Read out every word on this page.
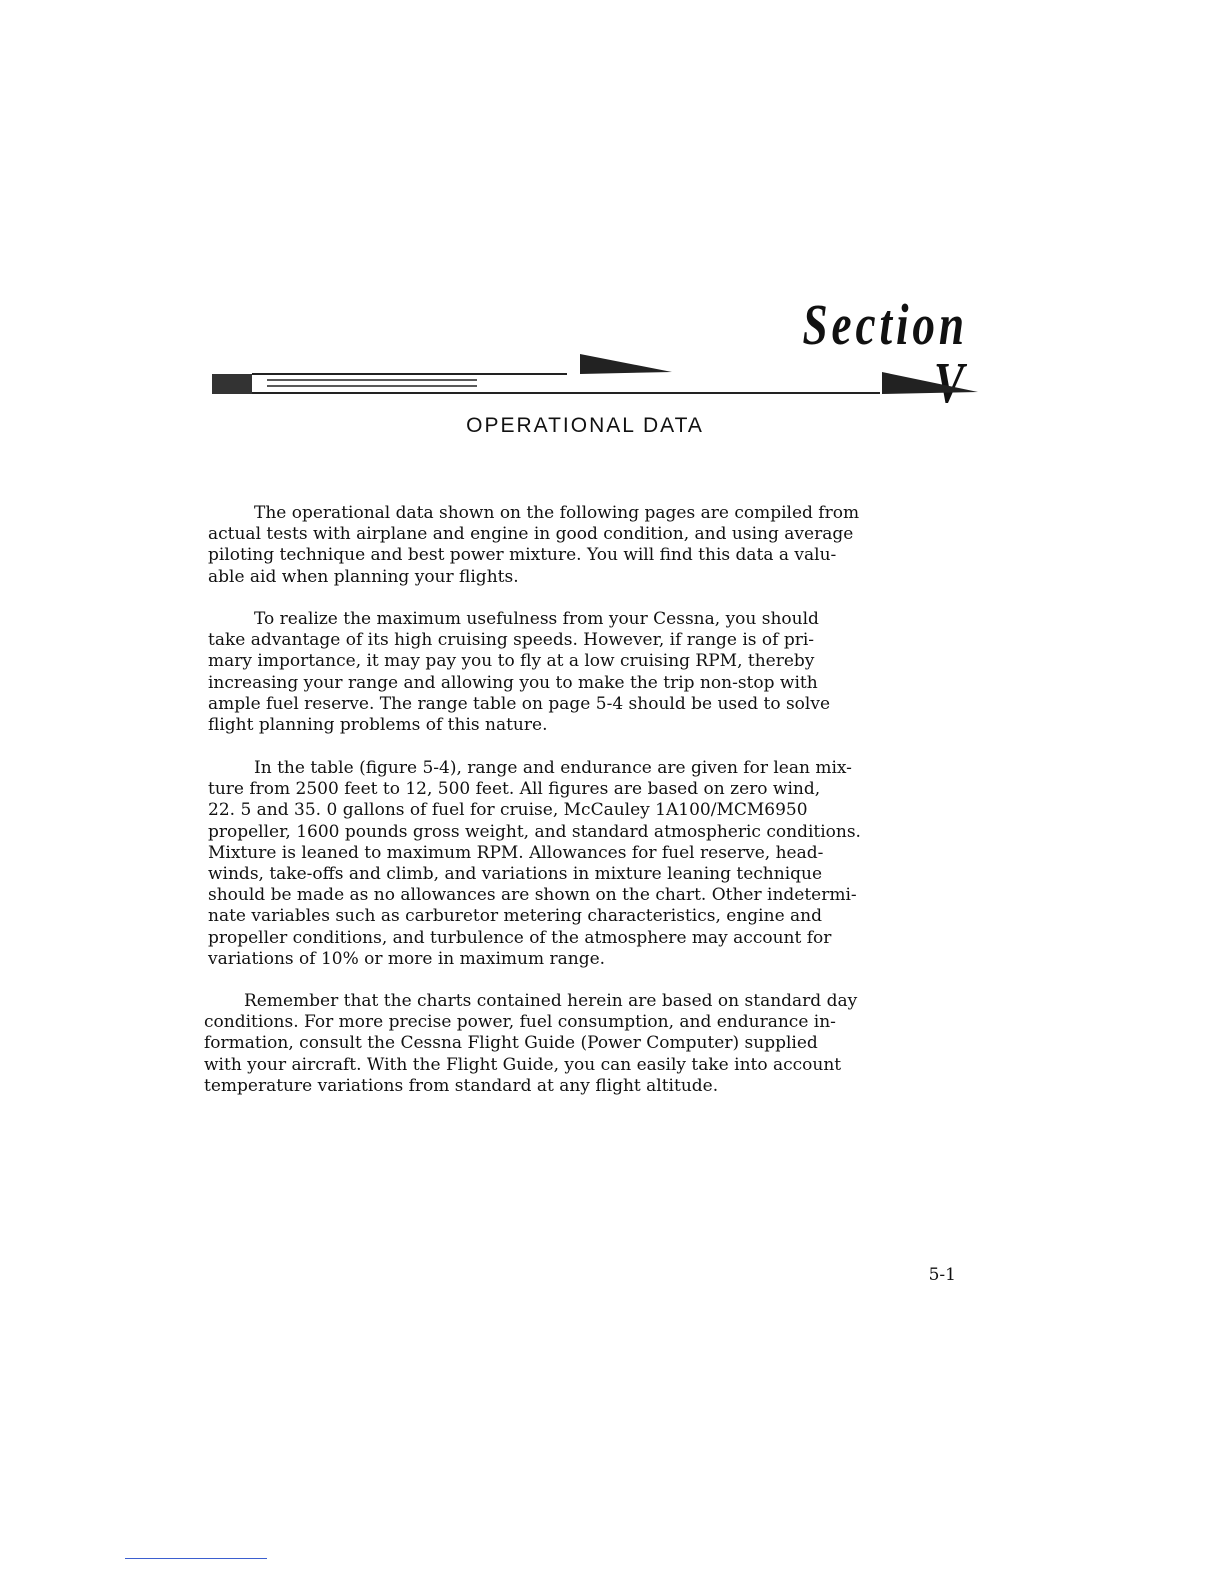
Section V
OPERATIONAL DATA

The operational data shown on the following pages are compiled from
actual tests with airplane and engine in good condition, and using average
piloting technique and best power mixture. You will find this data a valu-
able aid when planning your flights.

To realize the maximum usefulness from your Cessna, you should
take advantage of its high cruising speeds. However, if range is of pri-
mary importance, it may pay you to fly at a low cruising RPM, thereby
increasing your range and allowing you to make the trip non-stop with
ample fuel reserve. The range table on page 5-4 should be used to solve
flight planning problems of this nature.

In the table (figure 5-4), range and endurance are given for lean mix-
ture from 2500 feet to 12, 500 feet. All figures are based on zero wind,
22. 5 and 35. 0 gallons of fuel for cruise, McCauley 1A100/MCM6950
propeller, 1600 pounds gross weight, and standard atmospheric conditions.
Mixture is leaned to maximum RPM. Allowances for fuel reserve, head-
winds, take-offs and climb, and variations in mixture leaning technique
should be made as no allowances are shown on the chart. Other indetermi-
nate variables such as carburetor metering characteristics, engine and
propeller conditions, and turbulence of the atmosphere may account for
variations of 10% or more in maximum range.

Remember that the charts contained herein are based on standard day
conditions. For more precise power, fuel consumption, and endurance in-
formation, consult the Cessna Flight Guide (Power Computer) supplied
with your aircraft. With the Flight Guide, you can easily take into account
temperature variations from standard at any flight altitude.

5-1
